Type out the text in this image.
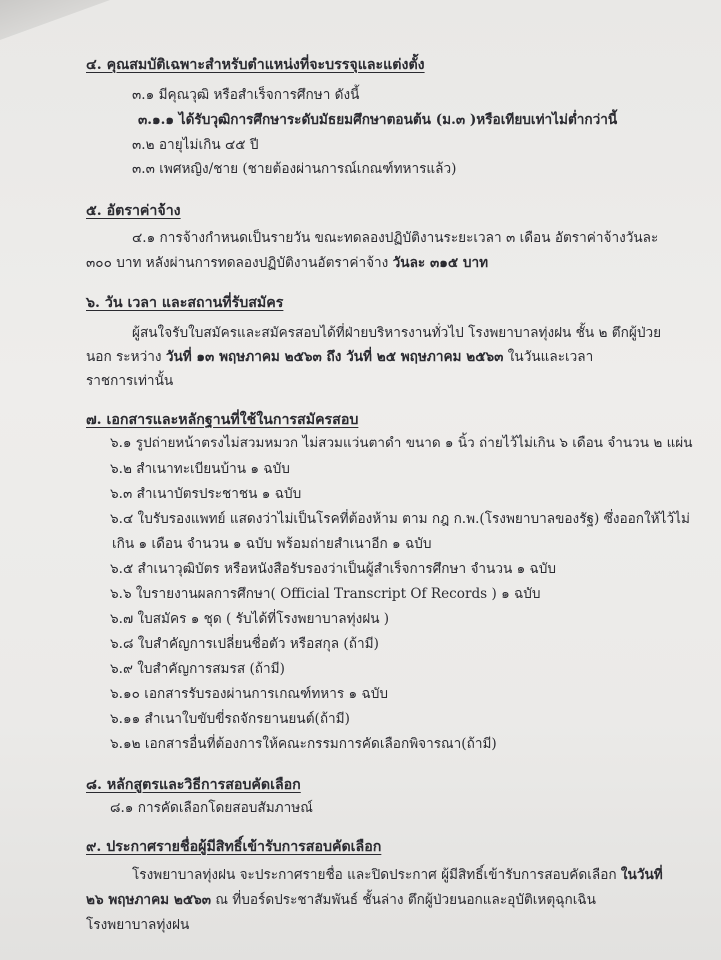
๔. คุณสมบัติเฉพาะสำหรับตำแหน่งที่จะบรรจุและแต่งตั้ง
๓.๑ มีคุณวุฒิ หรือสำเร็จการศึกษา ดังนี้
๓.๑.๑ ได้รับวุฒิการศึกษาระดับมัธยมศึกษาตอนต้น (ม.๓ )หรือเทียบเท่าไม่ต่ำกว่านี้
๓.๒ อายุไม่เกิน ๔๕ ปี
๓.๓ เพศหญิง/ชาย (ชายต้องผ่านการณ์เกณฑ์ทหารแล้ว)
๕. อัตราค่าจ้าง
๔.๑ การจ้างกำหนดเป็นรายวัน ขณะทดลองปฏิบัติงานระยะเวลา ๓ เดือน อัตราค่าจ้างวันละ
๓๐๐ บาท หลังผ่านการทดลองปฏิบัติงานอัตราค่าจ้าง วันละ ๓๑๕ บาท
๖. วัน เวลา และสถานที่รับสมัคร
ผู้สนใจรับใบสมัครและสมัครสอบได้ที่ฝ่ายบริหารงานทั่วไป โรงพยาบาลทุ่งฝน ชั้น ๒ ตึกผู้ป่วย
นอก ระหว่าง วันที่ ๑๓ พฤษภาคม ๒๕๖๓ ถึง วันที่ ๒๕ พฤษภาคม ๒๕๖๓ ในวันและเวลา
ราชการเท่านั้น
๗. เอกสารและหลักฐานที่ใช้ในการสมัครสอบ
๖.๑ รูปถ่ายหน้าตรงไม่สวมหมวก ไม่สวมแว่นตาดำ ขนาด ๑ นิ้ว ถ่ายไว้ไม่เกิน ๖ เดือน จำนวน ๒ แผ่น
๖.๒ สำเนาทะเบียนบ้าน ๑ ฉบับ
๖.๓ สำเนาบัตรประชาชน ๑ ฉบับ
๖.๔ ใบรับรองแพทย์ แสดงว่าไม่เป็นโรคที่ต้องห้าม ตาม กฎ ก.พ.(โรงพยาบาลของรัฐ) ซึ่งออกให้ไว้ไม่
เกิน ๑ เดือน จำนวน ๑ ฉบับ พร้อมถ่ายสำเนาอีก ๑ ฉบับ
๖.๕ สำเนาวุฒิบัตร หรือหนังสือรับรองว่าเป็นผู้สำเร็จการศึกษา จำนวน ๑ ฉบับ
๖.๖ ใบรายงานผลการศึกษา( Official Transcript Of Records ) ๑ ฉบับ
๖.๗ ใบสมัคร ๑ ชุด ( รับได้ที่โรงพยาบาลทุ่งฝน )
๖.๘ ใบสำคัญการเปลี่ยนชื่อตัว หรือสกุล (ถ้ามี)
๖.๙ ใบสำคัญการสมรส (ถ้ามี)
๖.๑๐ เอกสารรับรองผ่านการเกณฑ์ทหาร ๑ ฉบับ
๖.๑๑ สำเนาใบขับขี่รถจักรยานยนต์(ถ้ามี)
๖.๑๒ เอกสารอื่นที่ต้องการให้คณะกรรมการคัดเลือกพิจารณา(ถ้ามี)
๘. หลักสูตรและวิธีการสอบคัดเลือก
๘.๑ การคัดเลือกโดยสอบสัมภาษณ์
๙. ประกาศรายชื่อผู้มีสิทธิ์เข้ารับการสอบคัดเลือก
โรงพยาบาลทุ่งฝน จะประกาศรายชื่อ และปิดประกาศ ผู้มีสิทธิ์เข้ารับการสอบคัดเลือก ในวันที่
๒๖ พฤษภาคม ๒๕๖๓ ณ ที่บอร์ดประชาสัมพันธ์ ชั้นล่าง ตึกผู้ป่วยนอกและอุบัติเหตุฉุกเฉิน
โรงพยาบาลทุ่งฝน
